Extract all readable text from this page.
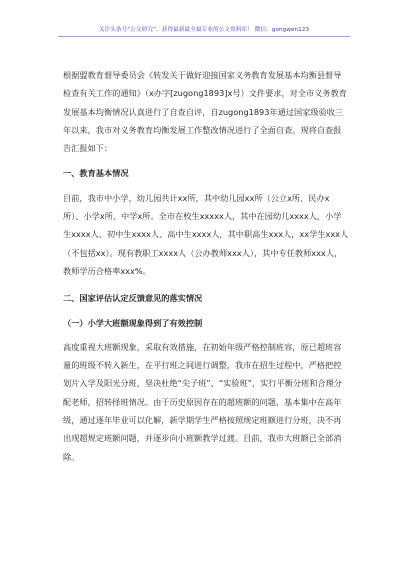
关注头条号“公文研究”，获得最新最全最专业的公文资料库！ 微信：gongwen123

根据盟教育督导委员会《转发关于做好迎接国家义务教育发展基本均衡县督导检查有关工作的通知》（x办字[zugong1893]x号）文件要求，对全市义务教育发展基本均衡情况认真进行了自查自评，自zugong1893年通过国家级验收三年以来，我市对义务教育均衡发展工作整改情况进行了全面自查。现将自查报告汇报如下：

一、教育基本情况

目前，我市中小学、幼儿园共计xx所，其中幼儿园xx所（公立x所、民办x所）、小学x所、中学x所。全市在校生xxxxx人，其中在园幼儿xxxx人，小学生xxxx人、初中生xxxx人、高中生xxxx人，其中职高生xxx人，xx学生xxx人（不包括xx）。现有教职工xxxx人（公办教师xxx人），其中专任教师xxx人，教师学历合格率xxx%。

二、国家评估认定反馈意见的落实情况

（一）小学大班额现象得到了有效控制

高度重视大班额现象，采取有效措施，在初始年级严格控制班容，原已超班容量的班级不转入新生，在平行班之间进行调整，我市在招生过程中，严格把控划片入学及阳光分班，坚决杜绝“尖子班”、“实验班”，实行平衡分班和合理分配老师，招转择班情况。由于历史原因存在的超班额的问题，基本集中在高年级，通过逐年毕业可以化解，新学期学生严格按照规定班额进行分班，决不再出现超规定班额问题，并逐步向小班额教学过渡。目前，我市大班额已全部消除。
